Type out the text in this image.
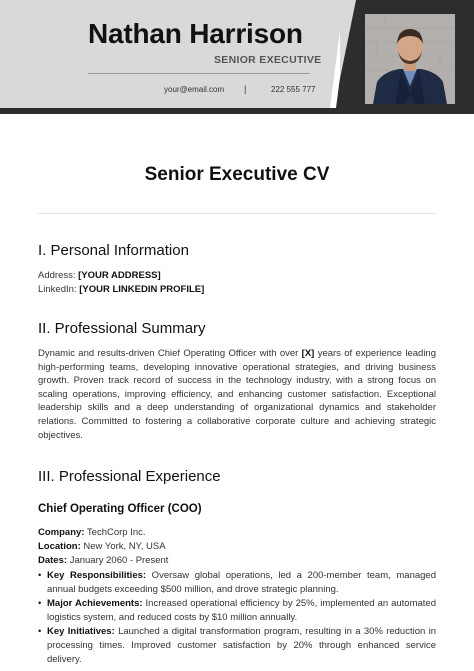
Nathan Harrison
SENIOR EXECUTIVE
your@email.com |	222 555 777
Senior Executive CV
I. Personal Information
Address: [YOUR ADDRESS]
LinkedIn: [YOUR LINKEDIN PROFILE]
II. Professional Summary
Dynamic and results-driven Chief Operating Officer with over [X] years of experience leading high-performing teams, developing innovative operational strategies, and driving business growth. Proven track record of success in the technology industry, with a strong focus on scaling operations, improving efficiency, and enhancing customer satisfaction. Exceptional leadership skills and a deep understanding of organizational dynamics and stakeholder relations. Committed to fostering a collaborative corporate culture and achieving strategic objectives.
III. Professional Experience
Chief Operating Officer (COO)
Company: TechCorp Inc.
Location: New York, NY, USA
Dates: January 2060 - Present
• Key Responsibilities: Oversaw global operations, led a 200-member team, managed annual budgets exceeding $500 million, and drove strategic planning.
• Major Achievements: Increased operational efficiency by 25%, implemented an automated logistics system, and reduced costs by $10 million annually.
• Key Initiatives: Launched a digital transformation program, resulting in a 30% reduction in processing times. Improved customer satisfaction by 20% through enhanced service delivery.
